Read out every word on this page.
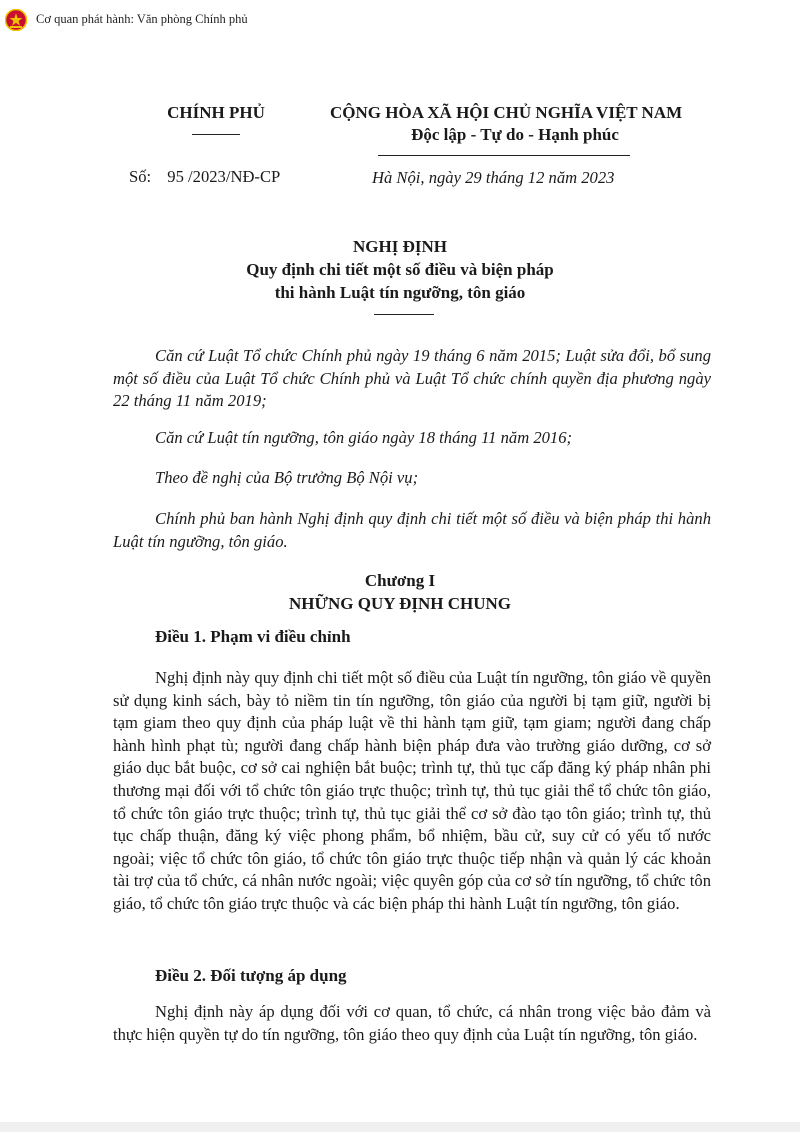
Cơ quan phát hành: Văn phòng Chính phủ
CHÍNH PHỦ	CỘNG HÒA XÃ HỘI CHỦ NGHĨA VIỆT NAM
Độc lập - Tự do - Hạnh phúc
Số: 95 /2023/NĐ-CP	Hà Nội, ngày 29 tháng 12 năm 2023
NGHỊ ĐỊNH
Quy định chi tiết một số điều và biện pháp
thi hành Luật tín ngưỡng, tôn giáo
Căn cứ Luật Tổ chức Chính phủ ngày 19 tháng 6 năm 2015; Luật sửa đổi, bổ sung một số điều của Luật Tổ chức Chính phủ và Luật Tổ chức chính quyền địa phương ngày 22 tháng 11 năm 2019;
Căn cứ Luật tín ngưỡng, tôn giáo ngày 18 tháng 11 năm 2016;
Theo đề nghị của Bộ trưởng Bộ Nội vụ;
Chính phủ ban hành Nghị định quy định chi tiết một số điều và biện pháp thi hành Luật tín ngưỡng, tôn giáo.
Chương I
NHỮNG QUY ĐỊNH CHUNG
Điều 1. Phạm vi điều chỉnh
Nghị định này quy định chi tiết một số điều của Luật tín ngưỡng, tôn giáo về quyền sử dụng kinh sách, bày tỏ niềm tin tín ngưỡng, tôn giáo của người bị tạm giữ, người bị tạm giam theo quy định của pháp luật về thi hành tạm giữ, tạm giam; người đang chấp hành hình phạt tù; người đang chấp hành biện pháp đưa vào trường giáo dưỡng, cơ sở giáo dục bắt buộc, cơ sở cai nghiện bắt buộc; trình tự, thủ tục cấp đăng ký pháp nhân phi thương mại đối với tổ chức tôn giáo trực thuộc; trình tự, thủ tục giải thể tổ chức tôn giáo, tổ chức tôn giáo trực thuộc; trình tự, thủ tục giải thể cơ sở đào tạo tôn giáo; trình tự, thủ tục chấp thuận, đăng ký việc phong phẩm, bổ nhiệm, bầu cử, suy cử có yếu tố nước ngoài; việc tổ chức tôn giáo, tổ chức tôn giáo trực thuộc tiếp nhận và quản lý các khoản tài trợ của tổ chức, cá nhân nước ngoài; việc quyên góp của cơ sở tín ngưỡng, tổ chức tôn giáo, tổ chức tôn giáo trực thuộc và các biện pháp thi hành Luật tín ngưỡng, tôn giáo.
Điều 2. Đối tượng áp dụng
Nghị định này áp dụng đối với cơ quan, tổ chức, cá nhân trong việc bảo đảm và thực hiện quyền tự do tín ngưỡng, tôn giáo theo quy định của Luật tín ngưỡng, tôn giáo.
